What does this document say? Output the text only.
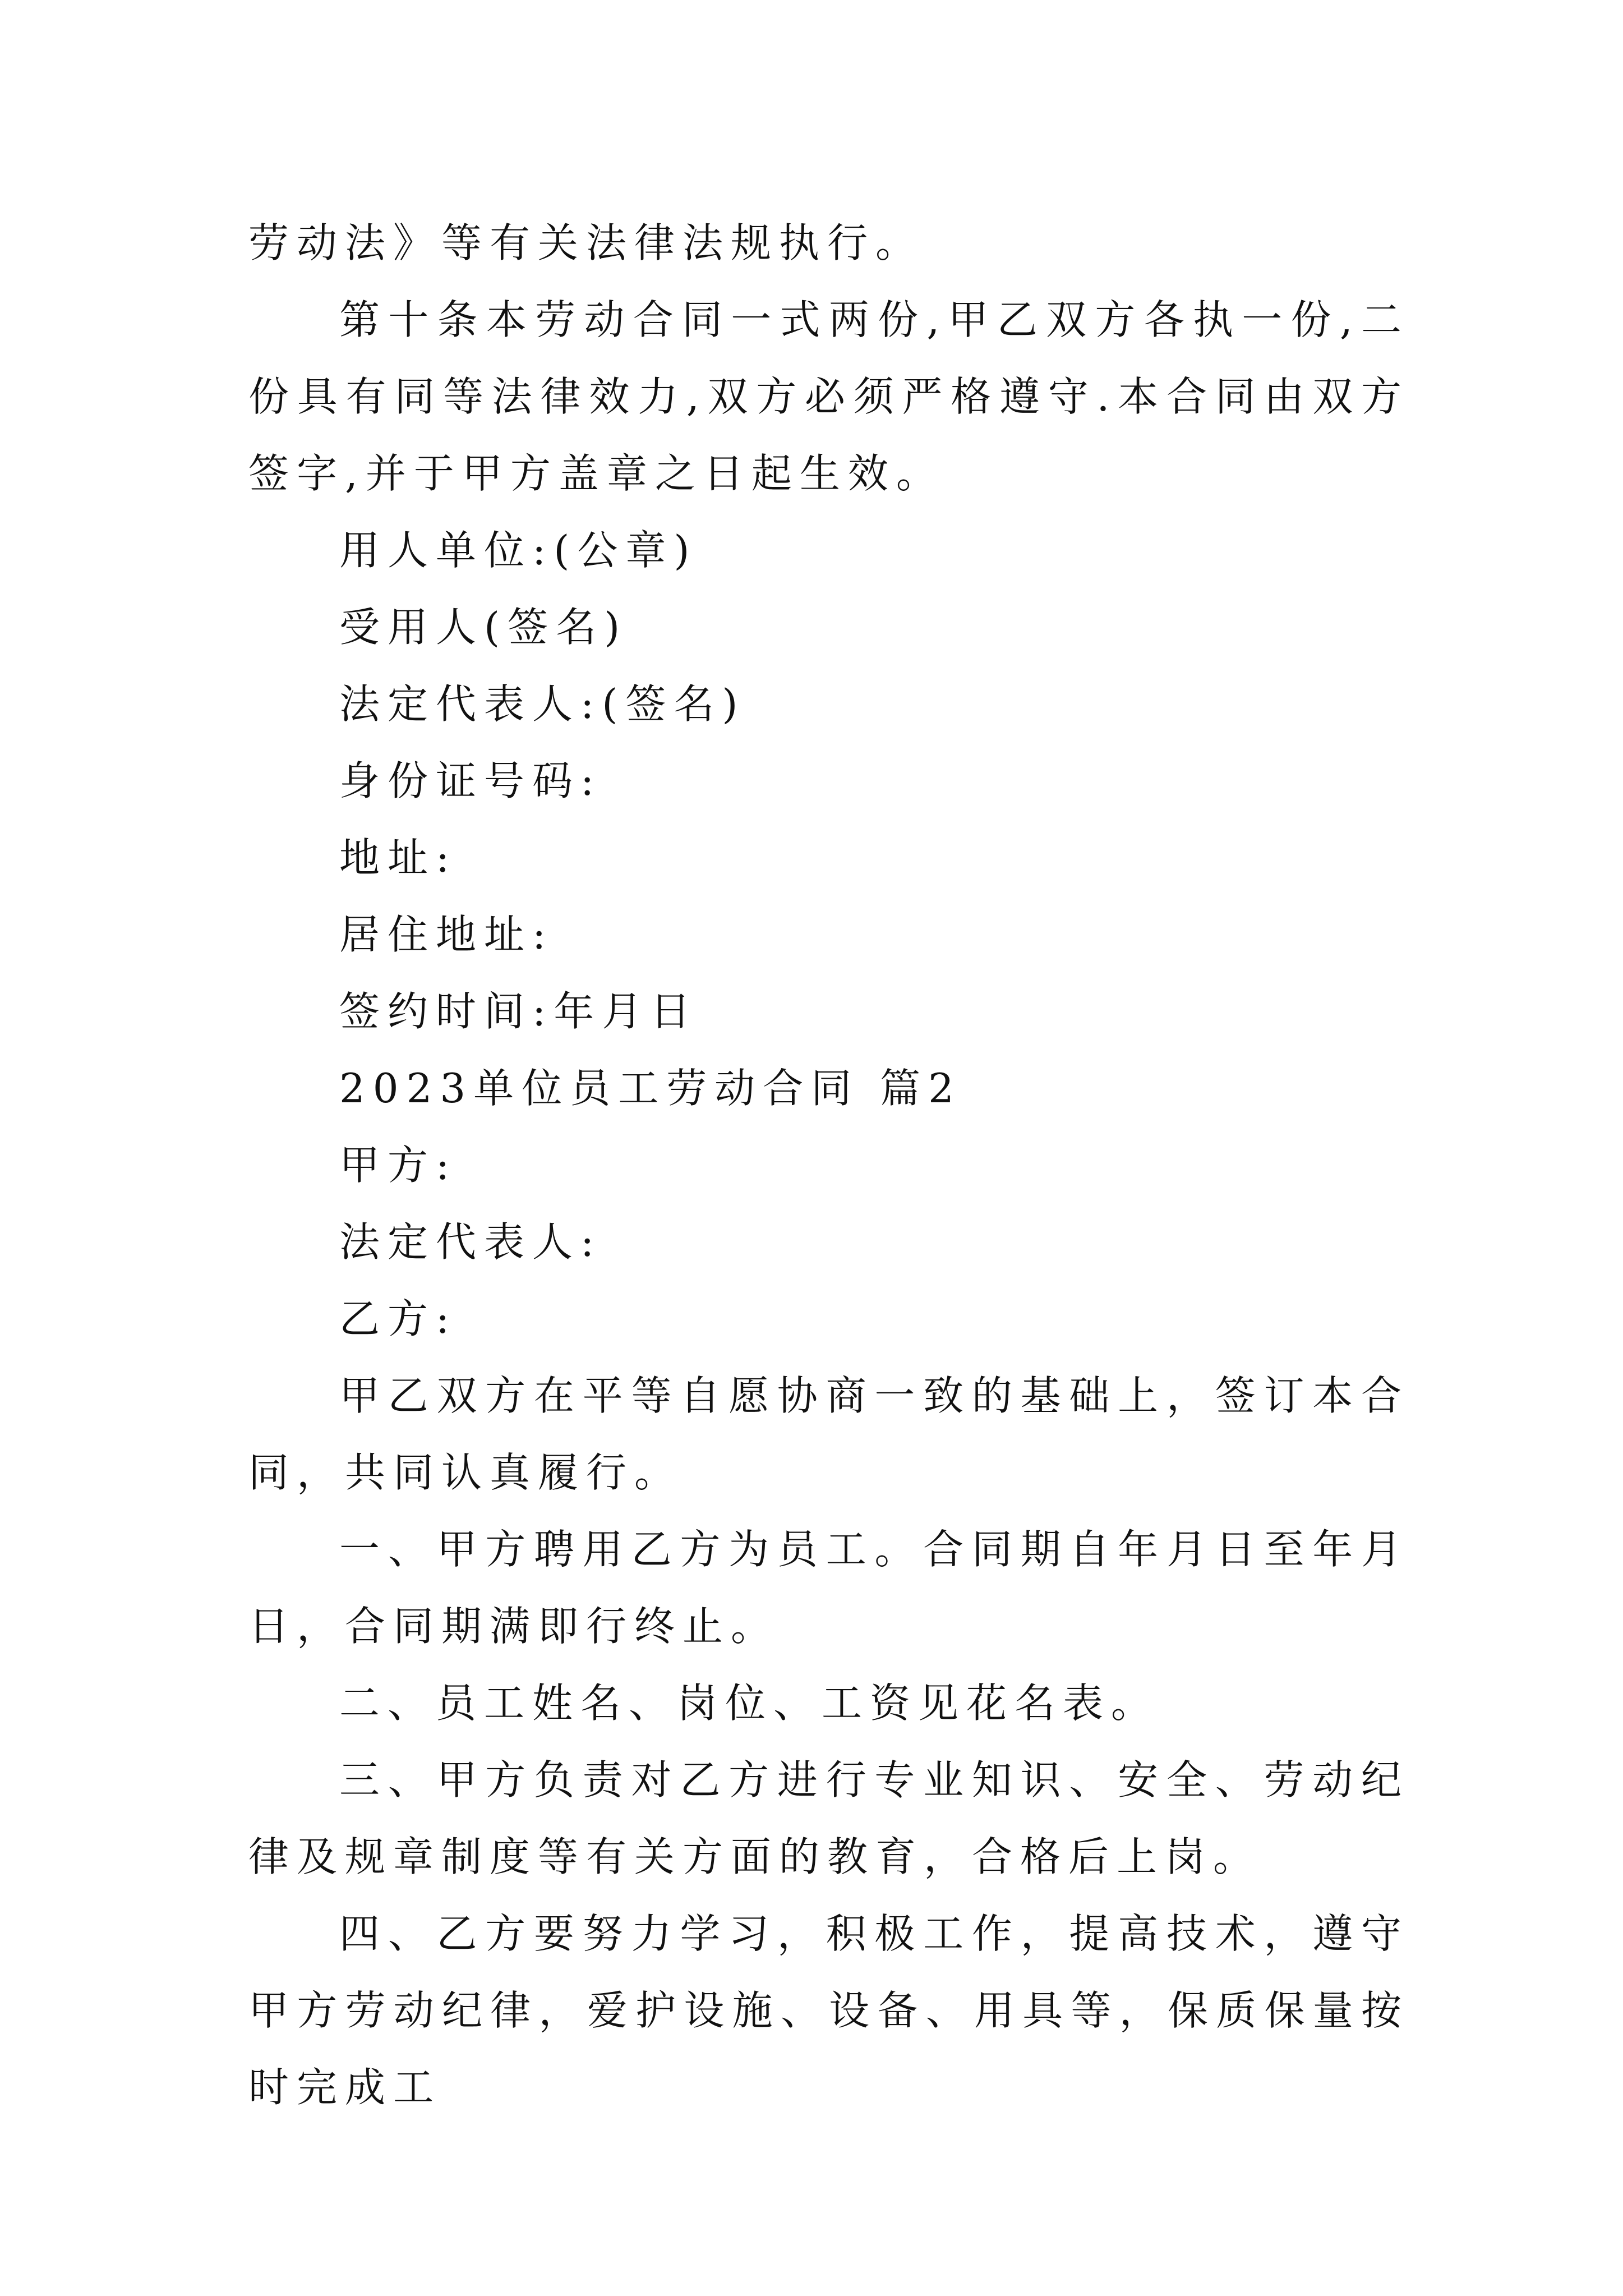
劳动法》等有关法律法规执行。

第十条本劳动合同一式两份,甲乙双方各执一份,二份具有同等法律效力,双方必须严格遵守.本合同由双方签字,并于甲方盖章之日起生效。

用人单位:(公章)

受用人(签名)

法定代表人:(签名)

身份证号码:

地址:

居住地址:

签约时间:年月日

2023单位员工劳动合同 篇2

甲方:

法定代表人:

乙方:

甲乙双方在平等自愿协商一致的基础上，签订本合同，共同认真履行。

一、甲方聘用乙方为员工。合同期自年月日至年月日，合同期满即行终止。

二、员工姓名、岗位、工资见花名表。

三、甲方负责对乙方进行专业知识、安全、劳动纪律及规章制度等有关方面的教育，合格后上岗。

四、乙方要努力学习，积极工作，提高技术，遵守甲方劳动纪律，爱护设施、设备、用具等，保质保量按时完成工
